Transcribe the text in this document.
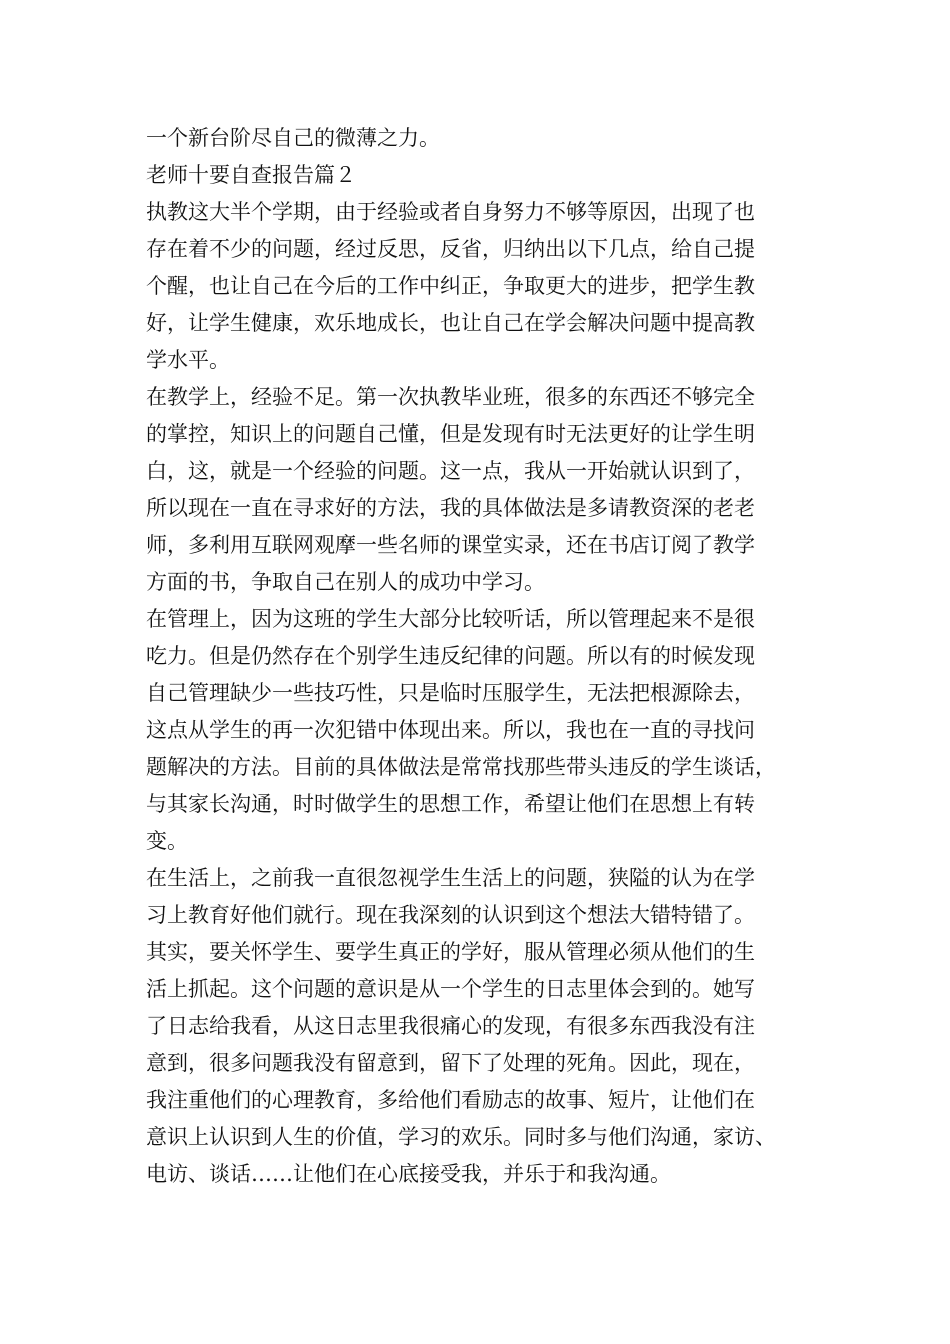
一个新台阶尽自己的微薄之力。
老师十要自查报告篇２
执教这大半个学期，由于经验或者自身努力不够等原因，出现了也
存在着不少的问题，经过反思，反省，归纳出以下几点，给自己提
个醒，也让自己在今后的工作中纠正，争取更大的进步，把学生教
好，让学生健康，欢乐地成长，也让自己在学会解决问题中提高教
学水平。
在教学上，经验不足。第一次执教毕业班，很多的东西还不够完全
的掌控，知识上的问题自己懂，但是发现有时无法更好的让学生明
白，这，就是一个经验的问题。这一点，我从一开始就认识到了，
所以现在一直在寻求好的方法，我的具体做法是多请教资深的老老
师，多利用互联网观摩一些名师的课堂实录，还在书店订阅了教学
方面的书，争取自己在别人的成功中学习。
在管理上，因为这班的学生大部分比较听话，所以管理起来不是很
吃力。但是仍然存在个别学生违反纪律的问题。所以有的时候发现
自己管理缺少一些技巧性，只是临时压服学生，无法把根源除去，
这点从学生的再一次犯错中体现出来。所以，我也在一直的寻找问
题解决的方法。目前的具体做法是常常找那些带头违反的学生谈话，
与其家长沟通，时时做学生的思想工作，希望让他们在思想上有转
变。
在生活上，之前我一直很忽视学生生活上的问题，狭隘的认为在学
习上教育好他们就行。现在我深刻的认识到这个想法大错特错了。
其实，要关怀学生、要学生真正的学好，服从管理必须从他们的生
活上抓起。这个问题的意识是从一个学生的日志里体会到的。她写
了日志给我看，从这日志里我很痛心的发现，有很多东西我没有注
意到，很多问题我没有留意到，留下了处理的死角。因此，现在，
我注重他们的心理教育，多给他们看励志的故事、短片，让他们在
意识上认识到人生的价值，学习的欢乐。同时多与他们沟通，家访、
电访、谈话……让他们在心底接受我，并乐于和我沟通。
